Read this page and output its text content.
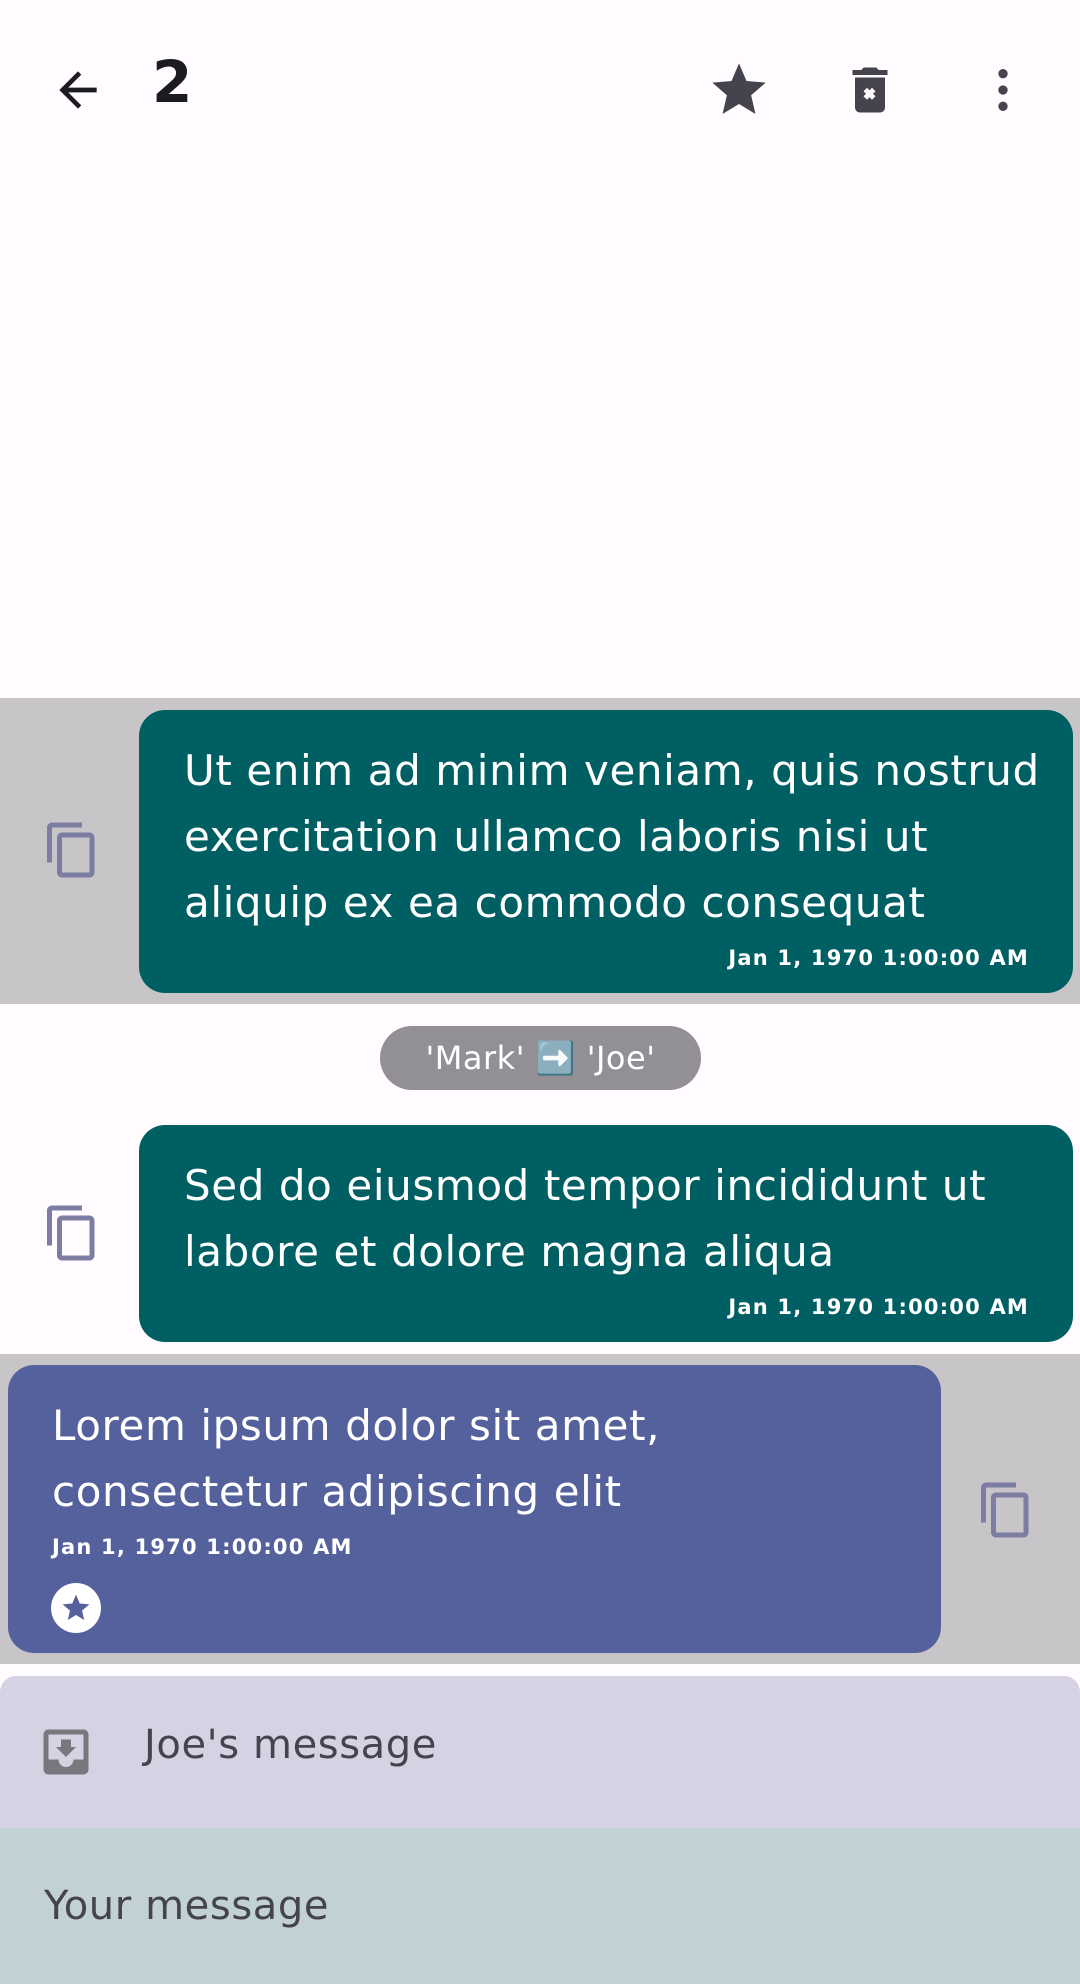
2
Ut enim ad minim veniam, quis nostrud exercitation ullamco laboris nisi ut aliquip ex ea commodo consequat
Jan 1, 1970 1:00:00 AM
'Mark' ➡️ 'Joe'
Sed do eiusmod tempor incididunt ut labore et dolore magna aliqua
Jan 1, 1970 1:00:00 AM
Lorem ipsum dolor sit amet, consectetur adipiscing elit
Jan 1, 1970 1:00:00 AM
Joe's message
Your message
